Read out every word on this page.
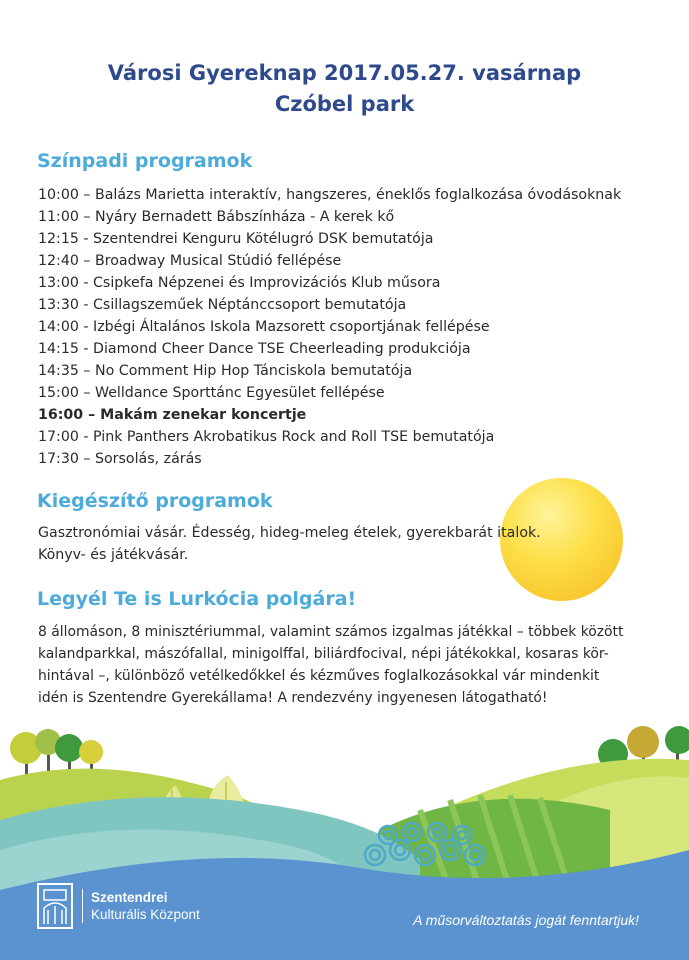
Városi Gyereknap 2017.05.27. vasárnap
Czóbel park
Színpadi programok
10:00 – Balázs Marietta interaktív, hangszeres, éneklős foglalkozása óvodásoknak
11:00 – Nyáry Bernadett Bábszínháza - A kerek kő
12:15 - Szentendrei Kenguru Kötélugró DSK bemutatója
12:40 – Broadway Musical Stúdió fellépése
13:00 - Csipkefa Népzenei és Improvizációs Klub műsora
13:30 - Csillagszeműek Néptánccsoport bemutatója
14:00 - Izbégi Általános Iskola Mazsorett csoportjának fellépése
14:15 - Diamond Cheer Dance TSE Cheerleading produkciója
14:35 – No Comment Hip Hop Tánciskola bemutatója
15:00 – Welldance Sporttánc Egyesület fellépése
16:00 – Makám zenekar koncertje
17:00 - Pink Panthers Akrobatikus Rock and Roll TSE bemutatója
17:30 – Sorsolás, zárás
Kiegészítő programok
Gasztronómiai vásár. Édesség, hideg-meleg ételek, gyerekbarát italok.
Könyv- és játékvásár.
Legyél Te is Lurkócia polgára!
8 állomáson, 8 minisztériummal, valamint számos izgalmas játékkal – többek között
kalandparkkal, mászófallal, minigolffal, biliárdfocival, népi játékokkal, kosaras kör-
hintával –, különböző vetélkedőkkel és kézműves foglalkozásokkal vár mindenkit
idén is Szentendre Gyerekállama! A rendezvény ingyenesen látogatható!
Szentendrei
Kulturális Központ	A műsorváltoztatás jogát fenntartjuk!
